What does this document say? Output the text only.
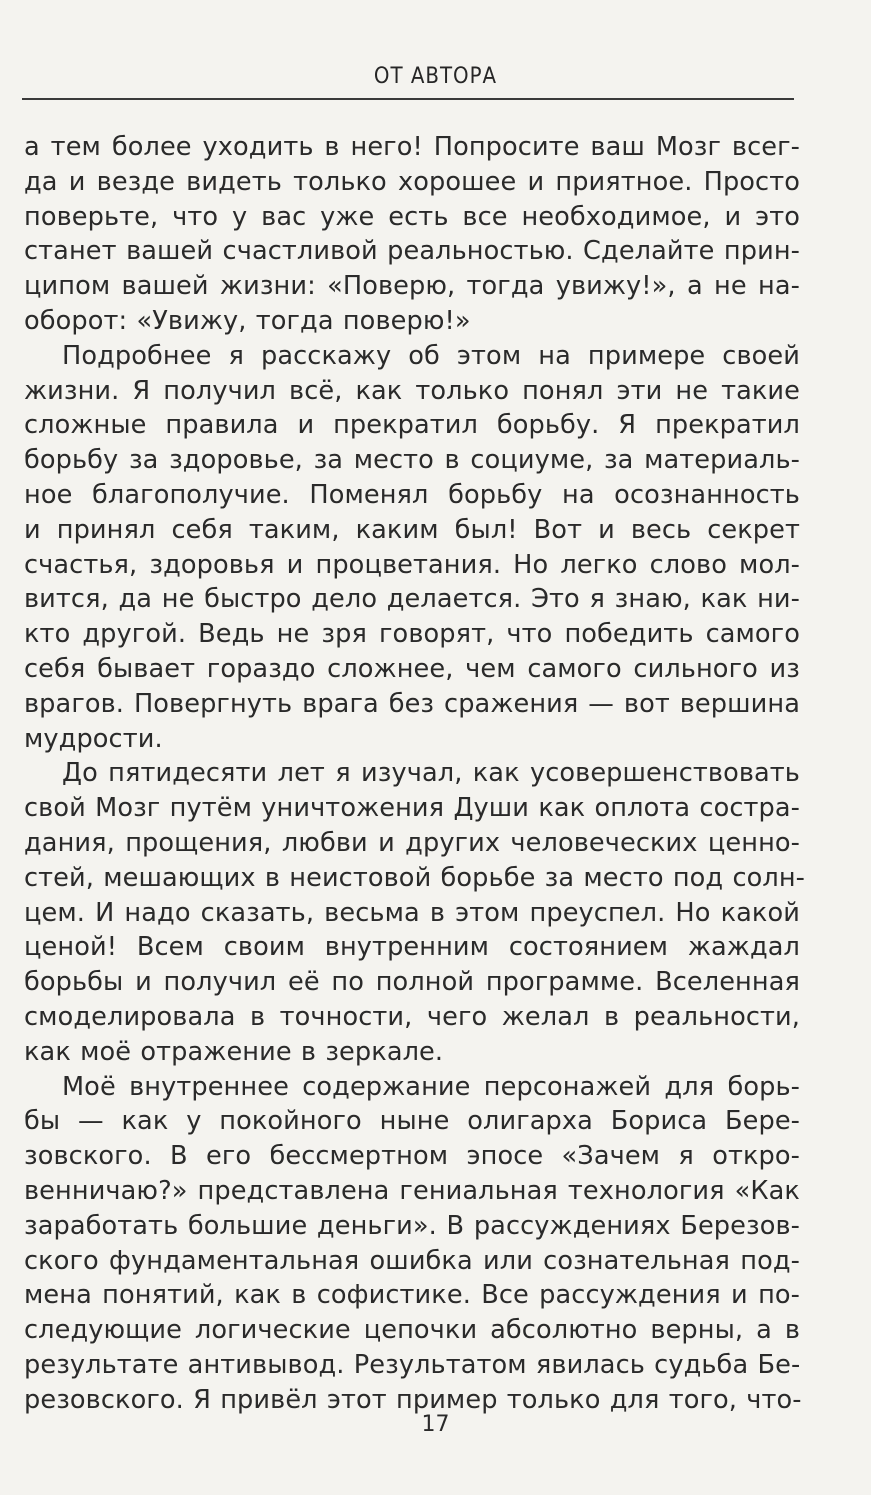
ОТ АВТОРА
а тем более уходить в него! Попросите ваш Мозг всег-
да и везде видеть только хорошее и приятное. Просто
поверьте, что у вас уже есть все необходимое, и это
станет вашей счастливой реальностью. Сделайте прин-
ципом вашей жизни: «Поверю, тогда увижу!», а не на-
оборот: «Увижу, тогда поверю!»
Подробнее я расскажу об этом на примере своей
жизни. Я получил всё, как только понял эти не такие
сложные правила и прекратил борьбу. Я прекратил
борьбу за здоровье, за место в социуме, за материаль-
ное благополучие. Поменял борьбу на осознанность
и принял себя таким, каким был! Вот и весь секрет
счастья, здоровья и процветания. Но легко слово мол-
вится, да не быстро дело делается. Это я знаю, как ни-
кто другой. Ведь не зря говорят, что победить самого
себя бывает гораздо сложнее, чем самого сильного из
врагов. Повергнуть врага без сражения — вот вершина
мудрости.
До пятидесяти лет я изучал, как усовершенствовать
свой Мозг путём уничтожения Души как оплота состра-
дания, прощения, любви и других человеческих ценно-
стей, мешающих в неистовой борьбе за место под солн-
цем. И надо сказать, весьма в этом преуспел. Но какой
ценой! Всем своим внутренним состоянием жаждал
борьбы и получил её по полной программе. Вселенная
смоделировала в точности, чего желал в реальности,
как моё отражение в зеркале.
Моё внутреннее содержание персонажей для борь-
бы — как у покойного ныне олигарха Бориса Бере-
зовского. В его бессмертном эпосе «Зачем я откро-
венничаю?» представлена гениальная технология «Как
заработать большие деньги». В рассуждениях Березов-
ского фундаментальная ошибка или сознательная под-
мена понятий, как в софистике. Все рассуждения и по-
следующие логические цепочки абсолютно верны, а в
результате антивывод. Результатом явилась судьба Бе-
резовского. Я привёл этот пример только для того, что-
17
